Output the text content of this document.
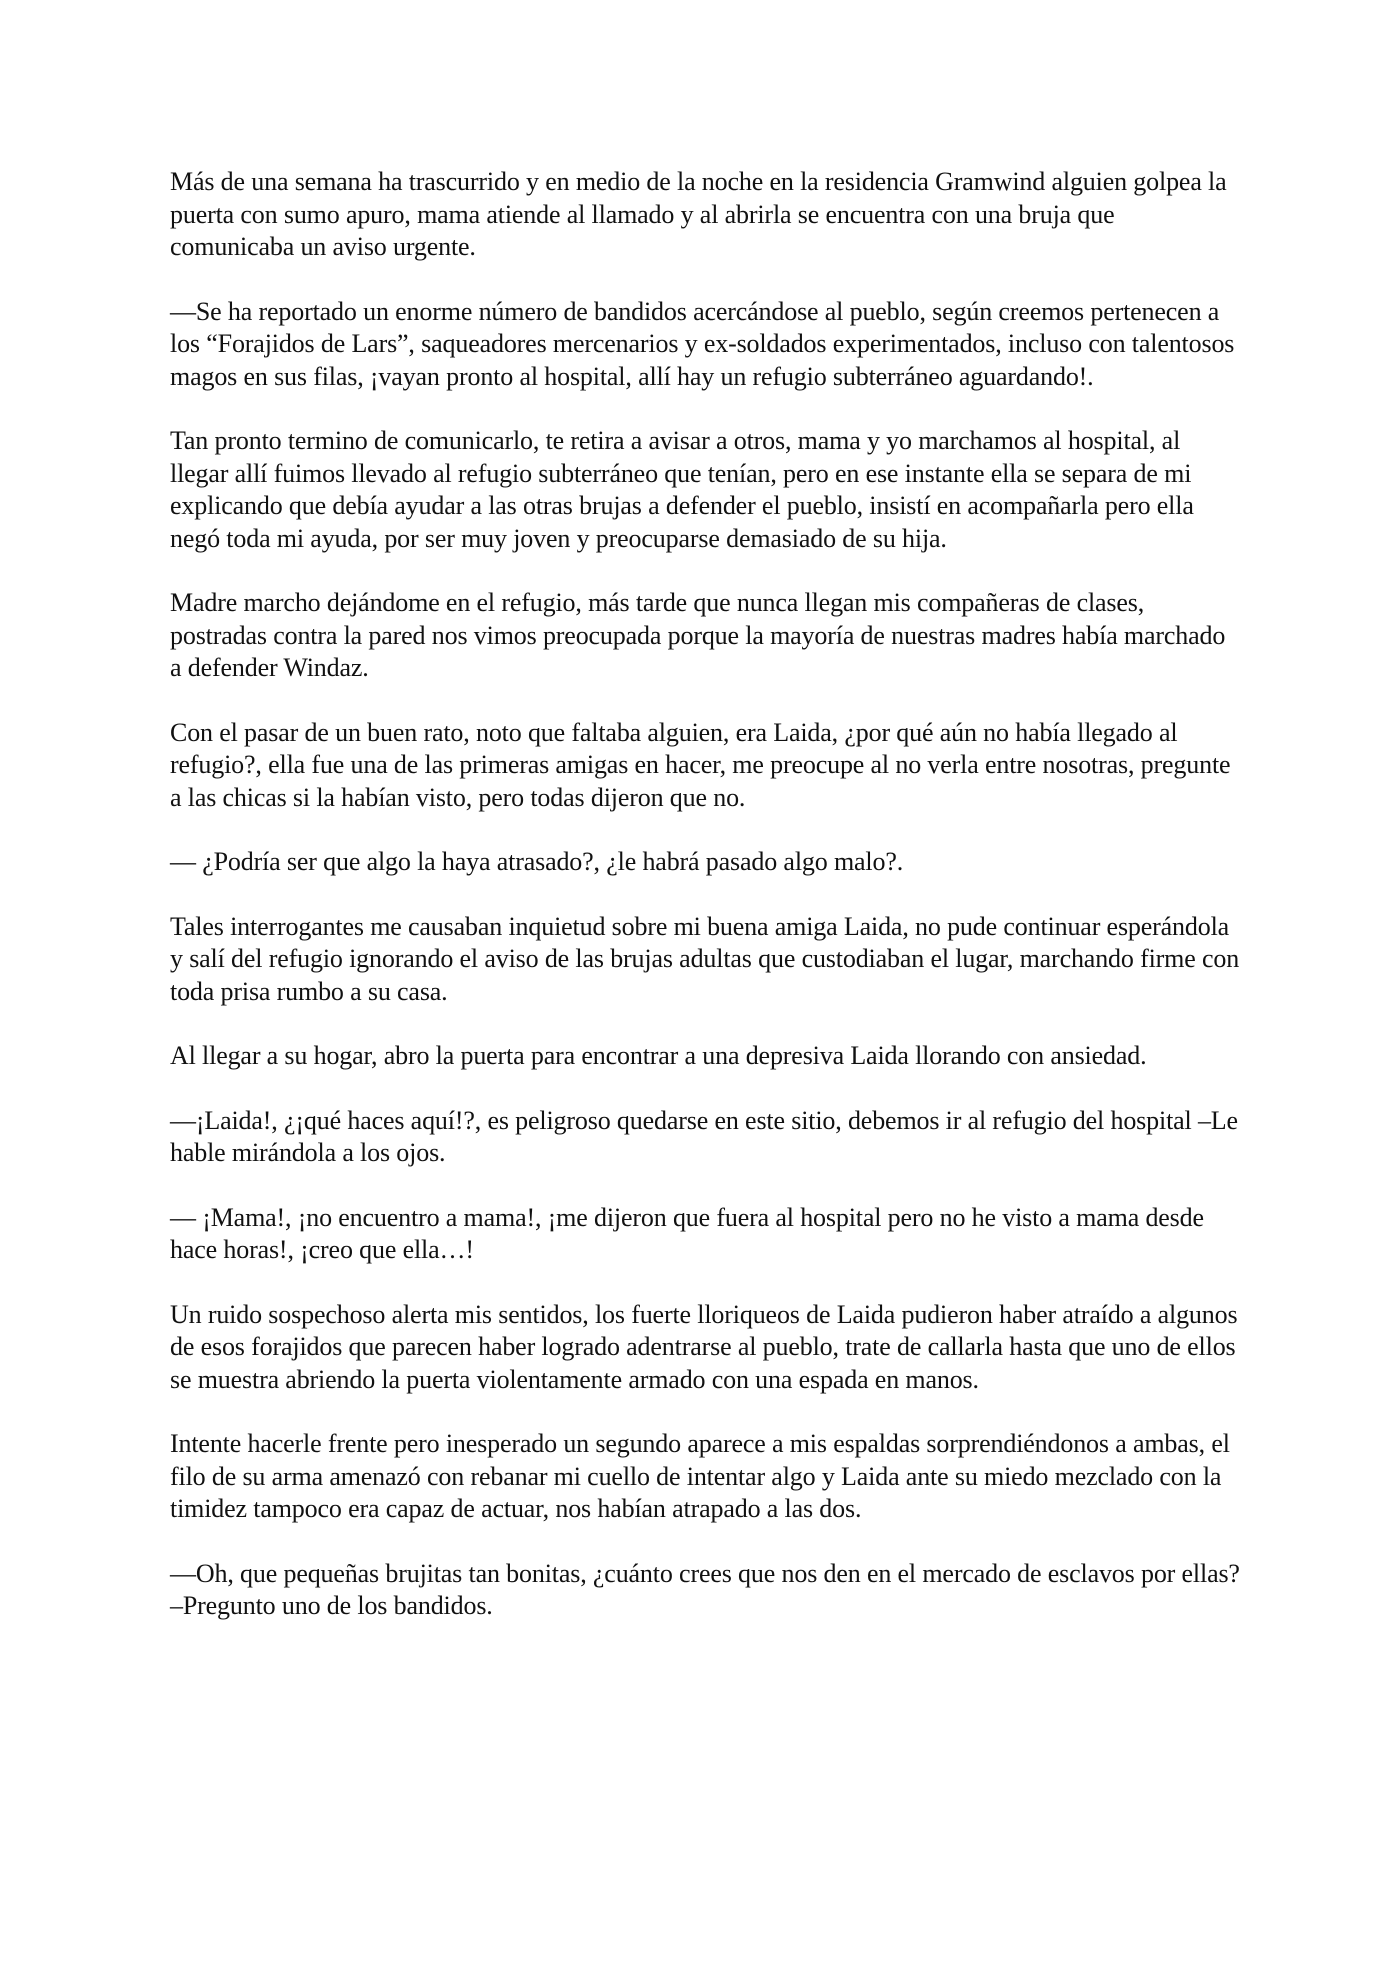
Más de una semana ha trascurrido y en medio de la noche en la residencia Gramwind alguien golpea la puerta con sumo apuro, mama atiende al llamado y al abrirla se encuentra con una bruja que comunicaba un aviso urgente.

—Se ha reportado un enorme número de bandidos acercándose al pueblo, según creemos pertenecen a los “Forajidos de Lars”, saqueadores mercenarios y ex-soldados experimentados, incluso con talentosos magos en sus filas, ¡vayan pronto al hospital, allí hay un refugio subterráneo aguardando!.

Tan pronto termino de comunicarlo, te retira a avisar a otros, mama y yo marchamos al hospital, al llegar allí fuimos llevado al refugio subterráneo que tenían, pero en ese instante ella se separa de mi explicando que debía ayudar a las otras brujas a defender el pueblo, insistí en acompañarla pero ella negó toda mi ayuda, por ser muy joven y preocuparse demasiado de su hija.

Madre marcho dejándome en el refugio, más tarde que nunca llegan mis compañeras de clases, postradas contra la pared nos vimos preocupada porque la mayoría de nuestras madres había marchado a defender Windaz.

Con el pasar de un buen rato, noto que faltaba alguien, era Laida, ¿por qué aún no había llegado al refugio?, ella fue una de las primeras amigas en hacer, me preocupe al no verla entre nosotras, pregunte a las chicas si la habían visto, pero todas dijeron que no.

— ¿Podría ser que algo la haya atrasado?, ¿le habrá pasado algo malo?.

Tales interrogantes me causaban inquietud sobre mi buena amiga Laida, no pude continuar esperándola y salí del refugio ignorando el aviso de las brujas adultas que custodiaban el lugar, marchando firme con toda prisa rumbo a su casa.

Al llegar a su hogar, abro la puerta para encontrar a una depresiva Laida llorando con ansiedad.

—¡Laida!, ¿¡qué haces aquí!?, es peligroso quedarse en este sitio, debemos ir al refugio del hospital –Le hable mirándola a los ojos.

— ¡Mama!, ¡no encuentro a mama!, ¡me dijeron que fuera al hospital pero no he visto a mama desde hace horas!, ¡creo que ella…!

Un ruido sospechoso alerta mis sentidos, los fuerte lloriqueos de Laida pudieron haber atraído a algunos de esos forajidos que parecen haber logrado adentrarse al pueblo, trate de callarla hasta que uno de ellos se muestra abriendo la puerta violentamente armado con una espada en manos.

Intente hacerle frente pero inesperado un segundo aparece a mis espaldas sorprendiéndonos a ambas, el filo de su arma amenazó con rebanar mi cuello de intentar algo y Laida ante su miedo mezclado con la timidez tampoco era capaz de actuar, nos habían atrapado a las dos.

—Oh, que pequeñas brujitas tan bonitas, ¿cuánto crees que nos den en el mercado de esclavos por ellas? –Pregunto uno de los bandidos.
